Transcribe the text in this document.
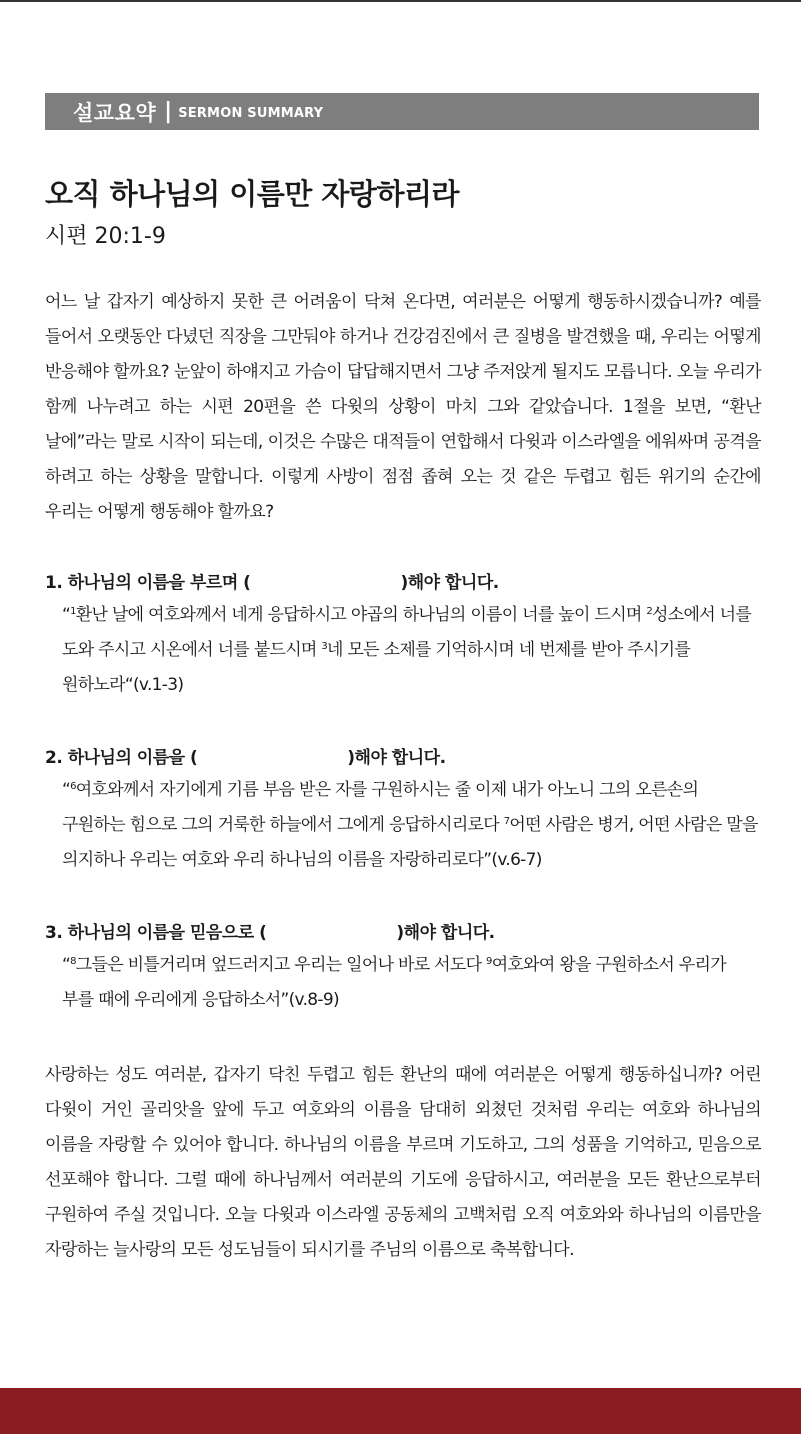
설교요약 | SERMON SUMMARY
오직 하나님의 이름만 자랑하리라

시편 20:1-9

어느 날 갑자기 예상하지 못한 큰 어려움이 닥쳐 온다면, 여러분은 어떻게 행동하시겠습니까? 예를 들어서 오랫동안 다녔던 직장을 그만둬야 하거나 건강검진에서 큰 질병을 발견했을 때, 우리는 어떻게 반응해야 할까요? 눈앞이 하얘지고 가슴이 답답해지면서 그냥 주저앉게 될지도 모릅니다. 오늘 우리가 함께 나누려고 하는 시편 20편을 쓴 다윗의 상황이 마치 그와 같았습니다. 1절을 보면, “환난 날에”라는 말로 시작이 되는데, 이것은 수많은 대적들이 연합해서 다윗과 이스라엘을 에워싸며 공격을 하려고 하는 상황을 말합니다. 이렇게 사방이 점점 좁혀 오는 것 같은 두렵고 힘든 위기의 순간에 우리는 어떻게 행동해야 할까요?

1. 하나님의 이름을 부르며 (	)해야 합니다.

“$^1$환난 날에 여호와께서 네게 응답하시고 야곱의 하나님의 이름이 너를 높이 드시며 $^2$성소에서 너를 도와 주시고 시온에서 너를 붙드시며 $^3$네 모든 소제를 기억하시며 네 번제를 받아 주시기를 원하노라“(v.1-3)

2. 하나님의 이름을 (	)해야 합니다.

“$^6$여호와께서 자기에게 기름 부음 받은 자를 구원하시는 줄 이제 내가 아노니 그의 오른손의 구원하는 힘으로 그의 거룩한 하늘에서 그에게 응답하시리로다 $^7$어떤 사람은 병거, 어떤 사람은 말을 의지하나 우리는 여호와 우리 하나님의 이름을 자랑하리로다”(v.6-7)

3. 하나님의 이름을 믿음으로 (	)해야 합니다.

“$^8$그들은 비틀거리며 엎드러지고 우리는 일어나 바로 서도다 $^9$여호와여 왕을 구원하소서 우리가 부를 때에 우리에게 응답하소서”(v.8-9)

사랑하는 성도 여러분, 갑자기 닥친 두렵고 힘든 환난의 때에 여러분은 어떻게 행동하십니까? 어린 다윗이 거인 골리앗을 앞에 두고 여호와의 이름을 담대히 외쳤던 것처럼 우리는 여호와 하나님의 이름을 자랑할 수 있어야 합니다. 하나님의 이름을 부르며 기도하고, 그의 성품을 기억하고, 믿음으로 선포해야 합니다. 그럴 때에 하나님께서 여러분의 기도에 응답하시고, 여러분을 모든 환난으로부터 구원하여 주실 것입니다. 오늘 다윗과 이스라엘 공동체의 고백처럼 오직 여호와와 하나님의 이름만을 자랑하는 늘사랑의 모든 성도님들이 되시기를 주님의 이름으로 축복합니다.
